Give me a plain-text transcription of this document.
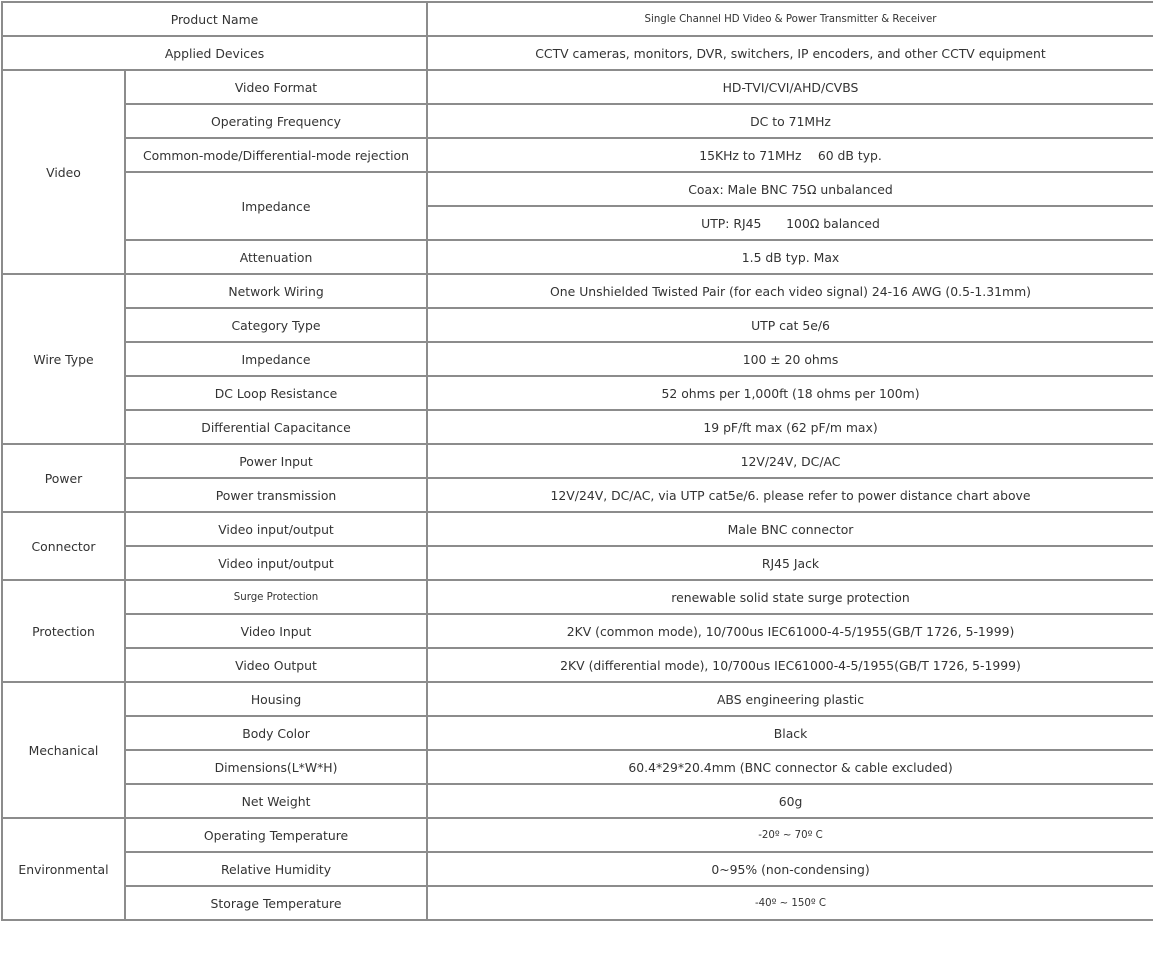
Product Name		Single Channel HD Video & Power Transmitter & Receiver
Applied Devices		CCTV cameras, monitors, DVR, switchers, IP encoders, and other CCTV equipment
Video	Video Format	HD-TVI/CVI/AHD/CVBS
	Operating Frequency	DC to 71MHz
	Common-mode/Differential-mode rejection	15KHz to 71MHz　 60 dB typ.
	Impedance	Coax: Male BNC 75Ω unbalanced
		UTP: RJ45　　100Ω balanced
	Attenuation	1.5 dB typ. Max
Wire Type	Network Wiring	One Unshielded Twisted Pair (for each video signal) 24-16 AWG (0.5-1.31mm)
	Category Type	UTP cat 5e/6
	Impedance	100 ± 20 ohms
	DC Loop Resistance	52 ohms per 1,000ft (18 ohms per 100m)
	Differential Capacitance	19 pF/ft max (62 pF/m max)
Power	Power Input	12V/24V, DC/AC
	Power transmission	12V/24V, DC/AC, via UTP cat5e/6. please refer to power distance chart above
Connector	Video input/output	Male BNC connector
	Video input/output	RJ45 Jack
Protection	Surge Protection	renewable solid state surge protection
	Video Input	2KV (common mode), 10/700us IEC61000-4-5/1955(GB/T 1726, 5-1999)
	Video Output	2KV (differential mode), 10/700us IEC61000-4-5/1955(GB/T 1726, 5-1999)
Mechanical	Housing	ABS engineering plastic
	Body Color	Black
	Dimensions(L*W*H)	60.4*29*20.4mm (BNC connector & cable excluded)
	Net Weight	60g
Environmental	Operating Temperature	-20º ~ 70º C
	Relative Humidity	0~95% (non-condensing)
	Storage Temperature	-40º ~ 150º C
